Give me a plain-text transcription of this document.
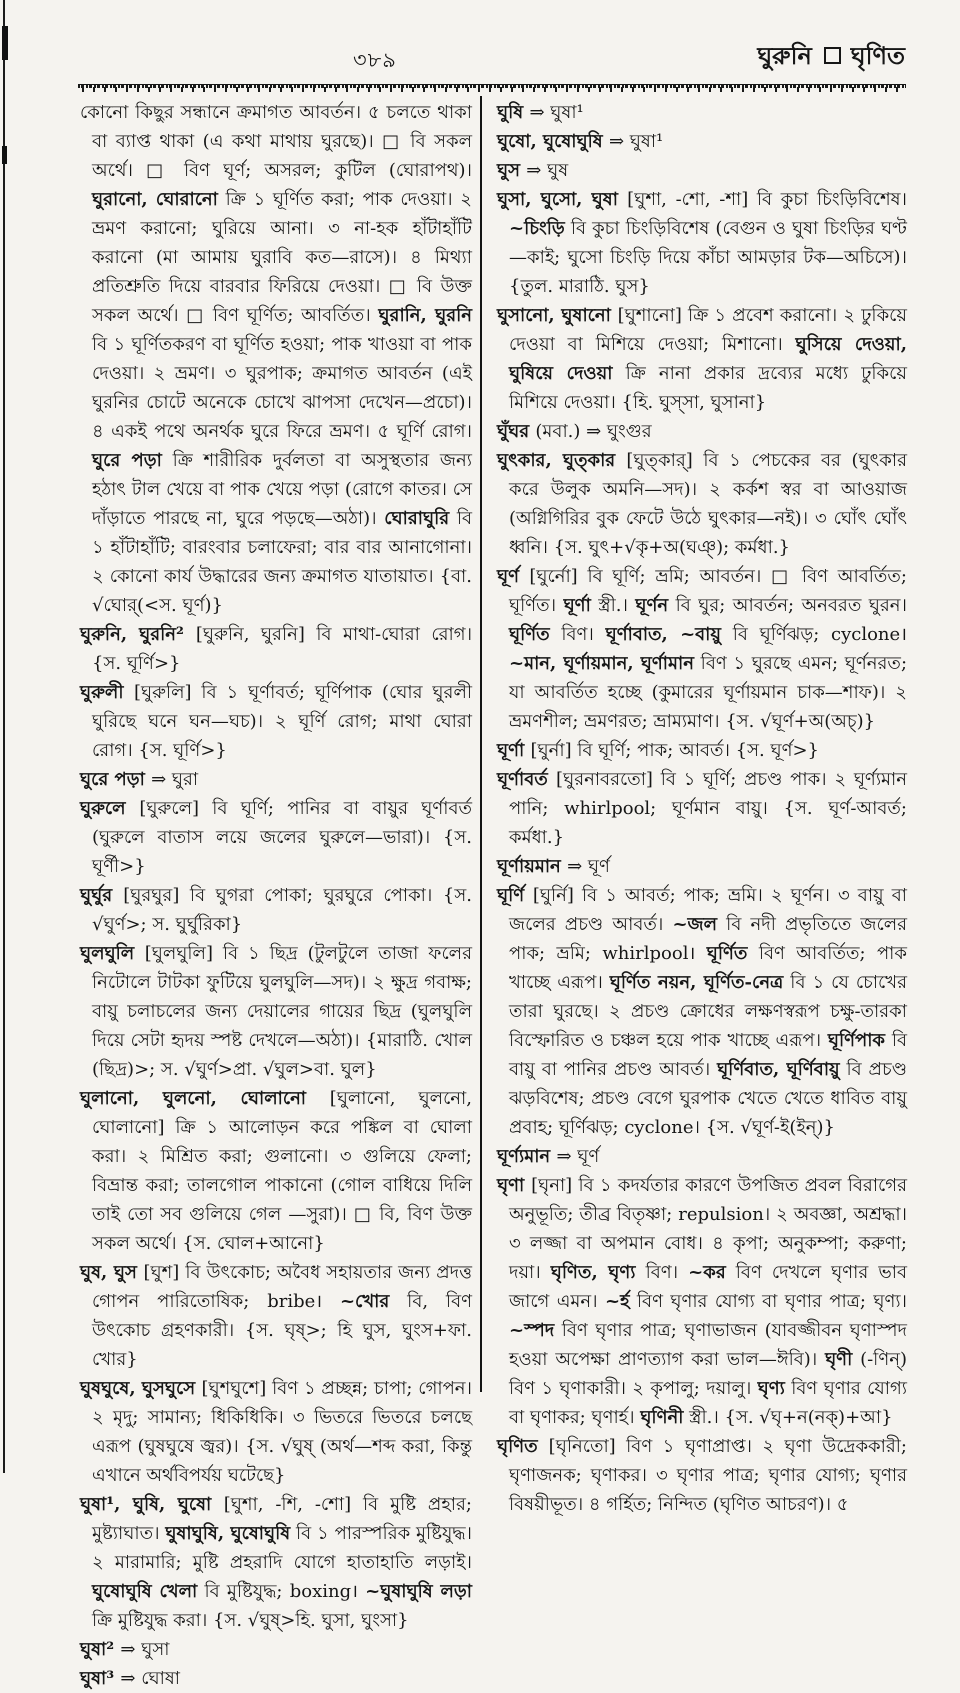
৩৮৯	ঘুরুনি ঘৃণিত

কোনো কিছুর সন্ধানে ক্রমাগত আবর্তন। ৫ চলতে থাকা বা ব্যাপ্ত থাকা (এ কথা মাথায় ঘুরছে)। □ বি সকল অর্থে। □ বিণ ঘূর্ণ; অসরল; কুটিল (ঘোরাপথ)। ঘুরানো, ঘোরানো ক্রি ১ ঘূর্ণিত করা; পাক দেওয়া। ২ ভ্রমণ করানো; ঘুরিয়ে আনা। ৩ না-হক হাঁটাহাঁটি করানো (মা আমায় ঘুরাবি কত—রাসে)। ৪ মিথ্যা প্রতিশ্রুতি দিয়ে বারবার ফিরিয়ে দেওয়া। □ বি উক্ত সকল অর্থে। □ বিণ ঘূর্ণিত; আবর্তিত। ঘুরানি, ঘুরনি বি ১ ঘূর্ণিতকরণ বা ঘূর্ণিত হওয়া; পাক খাওয়া বা পাক দেওয়া। ২ ভ্রমণ। ৩ ঘুরপাক; ক্রমাগত আবর্তন (এই ঘুরনির চোটে অনেকে চোখে ঝাপসা দেখেন—প্রচো)। ৪ একই পথে অনর্থক ঘুরে ফিরে ভ্রমণ। ৫ ঘূর্ণি রোগ। ঘুরে পড়া ক্রি শারীরিক দুর্বলতা বা অসুস্থতার জন্য হঠাৎ টাল খেয়ে বা পাক খেয়ে পড়া (রোগে কাতর। সে দাঁড়াতে পারছে না, ঘুরে পড়ছে—অঠা)। ঘোরাঘুরি বি ১ হাঁটাহাঁটি; বারংবার চলাফেরা; বার বার আনাগোনা। ২ কোনো কার্য উদ্ধারের জন্য ক্রমাগত যাতায়াত। {বা. √ঘোর্(<স. ঘূর্ণ)}

ঘুরুনি, ঘুরনি² [ঘুরুনি, ঘুরনি] বি মাথা-ঘোরা রোগ। {স. ঘূর্ণি>}

ঘুরুলী [ঘুরুলি] বি ১ ঘূর্ণাবর্ত; ঘূর্ণিপাক (ঘোর ঘুরলী ঘুরিছে ঘনে ঘন—ঘচ)। ২ ঘূর্ণি রোগ; মাথা ঘোরা রোগ। {স. ঘূর্ণি>}

ঘুরে পড়া ⇒ ঘুরা

ঘুরুলে [ঘুরুলে] বি ঘূর্ণি; পানির বা বায়ুর ঘূর্ণাবর্ত (ঘুরুলে বাতাস লয়ে জলের ঘুরুলে—ভারা)। {স. ঘূর্ণী>}

ঘুর্ঘুর [ঘুরঘুর] বি ঘুগরা পোকা; ঘুরঘুরে পোকা। {স. √ঘুর্ণ>; স. ঘুর্ঘুরিকা}

ঘুলঘুলি [ঘুলঘুলি] বি ১ ছিদ্র (টুলটুলে তাজা ফলের নিটোলে টাটকা ফুটিয়ে ঘুলঘুলি—সদ)। ২ ক্ষুদ্র গবাক্ষ; বায়ু চলাচলের জন্য দেয়ালের গায়ের ছিদ্র (ঘুলঘুলি দিয়ে সেটা হৃদয় স্পষ্ট দেখলে—অঠা)। {মারাঠি. খোল (ছিদ্র)>; স. √ঘুর্ণ>প্রা. √ঘুল>বা. ঘুল}

ঘুলানো, ঘুলনো, ঘোলানো [ঘুলানো, ঘুলনো, ঘোলানো] ক্রি ১ আলোড়ন করে পঙ্কিল বা ঘোলা করা। ২ মিশ্রিত করা; গুলানো। ৩ গুলিয়ে ফেলা; বিভ্রান্ত করা; তালগোল পাকানো (গোল বাধিয়ে দিলি তাই তো সব গুলিয়ে গেল —সুরা)। □ বি, বিণ উক্ত সকল অর্থে। {স. ঘোল+আনো}

ঘুষ, ঘুস [ঘুশ] বি উৎকোচ; অবৈধ সহায়তার জন্য প্রদত্ত গোপন পারিতোষিক; bribe। ~খোর বি, বিণ উৎকোচ গ্রহণকারী। {স. ঘৃষ্>; হি ঘুস, ঘুংস+ফা. খোর}

ঘুষঘুষে, ঘুসঘুসে [ঘুশঘুশে] বিণ ১ প্রচ্ছন্ন; চাপা; গোপন। ২ মৃদু; সামান্য; ধিকিধিকি। ৩ ভিতরে ভিতরে চলছে এরূপ (ঘুষঘুষে জ্বর)। {স. √ঘুষ্ (অর্থ—শব্দ করা, কিন্তু এখানে অর্থবিপর্যয় ঘটেছে}

ঘুষা¹, ঘুষি, ঘুষো [ঘুশা, -শি, -শো] বি মুষ্টি প্রহার; মুষ্ট্যাঘাত। ঘুষাঘুষি, ঘুষোঘুষি বি ১ পারস্পরিক মুষ্টিযুদ্ধ। ২ মারামারি; মুষ্টি প্রহরাদি যোগে হাতাহাতি লড়াই। ঘুষোঘুষি খেলা বি মুষ্টিযুদ্ধ; boxing। ~ঘুষাঘুষি লড়া ক্রি মুষ্টিযুদ্ধ করা। {স. √ঘুষ্>হি. ঘুসা, ঘুংসা}

ঘুষা² ⇒ ঘুসা

ঘুষা³ ⇒ ঘোষা

ঘুষি ⇒ ঘুষা¹

ঘুষো, ঘুষোঘুষি ⇒ ঘুষা¹

ঘুস ⇒ ঘুষ

ঘুসা, ঘুসো, ঘুষা [ঘুশা, -শো, -শা] বি কুচা চিংড়িবিশেষ। ~চিংড়ি বি কুচা চিংড়িবিশেষ (বেগুন ও ঘুষা চিংড়ির ঘণ্ট—কাই; ঘুসো চিংড়ি দিয়ে কাঁচা আমড়ার টক—অচিসে)। {তুল. মারাঠি. ঘুস}

ঘুসানো, ঘুষানো [ঘুশানো] ক্রি ১ প্রবেশ করানো। ২ ঢুকিয়ে দেওয়া বা মিশিয়ে দেওয়া; মিশানো। ঘুসিয়ে দেওয়া, ঘুষিয়ে দেওয়া ক্রি নানা প্রকার দ্রব্যের মধ্যে ঢুকিয়ে মিশিয়ে দেওয়া। {হি. ঘুস্সা, ঘুসানা}

ঘুঁঘর (মবা.) ⇒ ঘুংগুর

ঘুৎকার, ঘুত্কার [ঘুত্কার্] বি ১ পেচকের বর (ঘুৎকার করে উলুক অমনি—সদ)। ২ কর্কশ স্বর বা আওয়াজ (অগ্নিগিরির বুক ফেটে উঠে ঘুৎকার—নই)। ৩ ঘোঁৎ ঘোঁৎ ধ্বনি। {স. ঘুৎ+√কৃ+অ(ঘঞ্); কর্মধা.}

ঘূর্ণ [ঘুর্নো] বি ঘূর্ণি; ভ্রমি; আবর্তন। □ বিণ আবর্তিত; ঘূর্ণিত। ঘূর্ণা স্ত্রী.। ঘূর্ণন বি ঘুর; আবর্তন; অনবরত ঘুরন। ঘূর্ণিত বিণ। ঘূর্ণাবাত, ~বায়ু বি ঘূর্ণিঝড়; cyclone। ~মান, ঘূর্ণায়মান, ঘূর্ণামান বিণ ১ ঘুরছে এমন; ঘূর্ণনরত; যা আবর্তিত হচ্ছে (কুমারের ঘূর্ণায়মান চাক—শাফ)। ২ ভ্রমণশীল; ভ্রমণরত; ভ্রাম্যমাণ। {স. √ঘূর্ণ+অ(অচ্)}

ঘূর্ণা [ঘুর্না] বি ঘূর্ণি; পাক; আবর্ত। {স. ঘূর্ণ>}

ঘূর্ণাবর্ত [ঘুরনাবরতো] বি ১ ঘূর্ণি; প্রচণ্ড পাক। ২ ঘূর্ণ্যমান পানি; whirlpool; ঘূর্ণমান বায়ু। {স. ঘূর্ণ-আবর্ত; কর্মধা.}

ঘূর্ণায়মান ⇒ ঘূর্ণ

ঘূর্ণি [ঘুর্নি] বি ১ আবর্ত; পাক; ভ্রমি। ২ ঘূর্ণন। ৩ বায়ু বা জলের প্রচণ্ড আবর্ত। ~জল বি নদী প্রভৃতিতে জলের পাক; ভ্রমি; whirlpool। ঘূর্ণিত বিণ আবর্তিত; পাক খাচ্ছে এরূপ। ঘূর্ণিত নয়ন, ঘূর্ণিত-নেত্র বি ১ যে চোখের তারা ঘুরছে। ২ প্রচণ্ড ক্রোধের লক্ষণস্বরূপ চক্ষু-তারকা বিস্ফোরিত ও চঞ্চল হয়ে পাক খাচ্ছে এরূপ। ঘূর্ণিপাক বি বায়ু বা পানির প্রচণ্ড আবর্ত। ঘূর্ণিবাত, ঘূর্ণিবায়ু বি প্রচণ্ড ঝড়বিশেষ; প্রচণ্ড বেগে ঘুরপাক খেতে খেতে ধাবিত বায়ু প্রবাহ; ঘূর্ণিঝড়; cyclone। {স. √ঘূর্ণ-ই(ইন্)}

ঘূর্ণ্যমান ⇒ ঘূর্ণ

ঘৃণা [ঘৃনা] বি ১ কদর্যতার কারণে উপজিত প্রবল বিরাগের অনুভূতি; তীব্র বিতৃষ্ণা; repulsion। ২ অবজ্ঞা, অশ্রদ্ধা। ৩ লজ্জা বা অপমান বোধ। ৪ কৃপা; অনুকম্পা; করুণা; দয়া। ঘৃণিত, ঘৃণ্য বিণ। ~কর বিণ দেখলে ঘৃণার ভাব জাগে এমন। ~র্হ বিণ ঘৃণার যোগ্য বা ঘৃণার পাত্র; ঘৃণ্য। ~স্পদ বিণ ঘৃণার পাত্র; ঘৃণাভাজন (যাবজ্জীবন ঘৃণাস্পদ হওয়া অপেক্ষা প্রাণত্যাগ করা ভাল—ঈবি)। ঘৃণী (-ণিন্) বিণ ১ ঘৃণাকারী। ২ কৃপালু; দয়ালু। ঘৃণ্য বিণ ঘৃণার যোগ্য বা ঘৃণাকর; ঘৃণার্হ। ঘৃণিনী স্ত্রী.। {স. √ঘৃ+ন(নক্)+আ}

ঘৃণিত [ঘৃনিতো] বিণ ১ ঘৃণাপ্রাপ্ত। ২ ঘৃণা উদ্রেককারী; ঘৃণাজনক; ঘৃণাকর। ৩ ঘৃণার পাত্র; ঘৃণার যোগ্য; ঘৃণার বিষয়ীভূত। ৪ গর্হিত; নিন্দিত (ঘৃণিত আচরণ)। ৫
